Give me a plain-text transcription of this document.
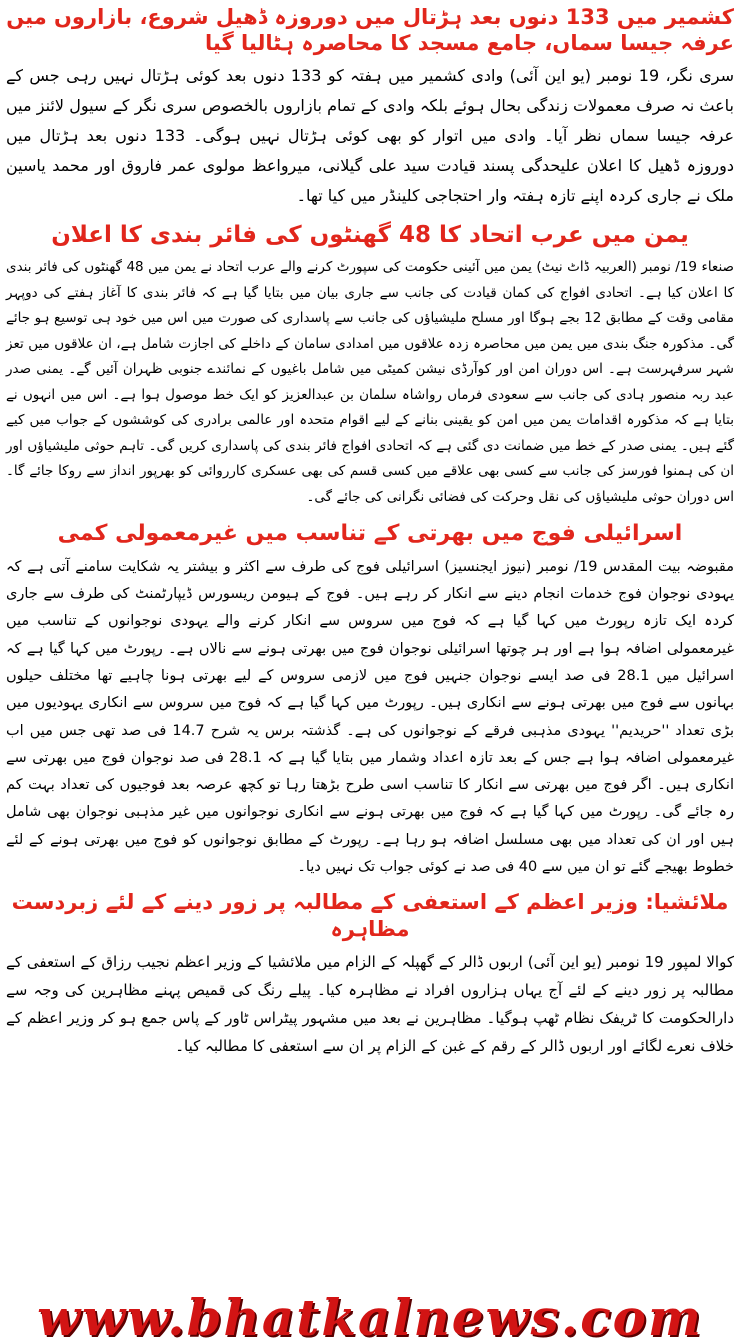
کشمیر میں 133 دنوں بعد ہڑتال میں دوروزہ ڈھیل شروع، بازاروں میں عرفہ جیسا سماں، جامع مسجد کا محاصرہ ہٹالیا گیا
سری نگر، 19 نومبر (یو این آئی) وادی کشمیر میں ہفتہ کو 133 دنوں بعد کوئی ہڑتال نہیں رہی جس کے باعث نہ صرف معمولات زندگی بحال ہوئے بلکہ وادی کے تمام بازاروں بالخصوص سری نگر کے سیول لائنز میں عرفہ جیسا سماں نظر آیا۔ وادی میں اتوار کو بھی کوئی ہڑتال نہیں ہوگی۔ 133 دنوں بعد ہڑتال میں دوروزہ ڈھیل کا اعلان علیحدگی پسند قیادت سید علی گیلانی، میرواعظ مولوی عمر فاروق اور محمد یاسین ملک نے جاری کردہ اپنے تازہ ہفتہ وار احتجاجی کلینڈر میں کیا تھا۔
یمن میں عرب اتحاد کا 48 گھنٹوں کی فائر بندی کا اعلان
صنعاء 19/ نومبر (العربیہ ڈاٹ نیٹ) یمن میں آئینی حکومت کی سپورٹ کرنے والے عرب اتحاد نے یمن میں 48 گھنٹوں کی فائر بندی کا اعلان کیا ہے۔ اتحادی افواج کی کمان قیادت کی جانب سے جاری بیان میں بتایا گیا ہے کہ فائر بندی کا آغاز ہفتے کی دوپہر مقامی وقت کے مطابق 12 بجے ہوگا اور مسلح ملیشیاؤں کی جانب سے پاسداری کی صورت میں اس میں خود ہی توسیع ہو جائے گی۔ مذکورہ جنگ بندی میں یمن میں محاصرہ زدہ علاقوں میں امدادی سامان کے داخلے کی اجازت شامل ہے، ان علاقوں میں تعز شہر سرفہرست ہے۔ اس دوران امن اور کوآرڈی نیشن کمیٹی میں شامل باغیوں کے نمائندے جنوبی ظہران آئیں گے۔ یمنی صدر عبد ربہ منصور ہادی کی جانب سے سعودی فرماں رواشاہ سلمان بن عبدالعزیز کو ایک خط موصول ہوا ہے۔ اس میں انہوں نے بتایا ہے کہ مذکورہ اقدامات یمن میں امن کو یقینی بنانے کے لیے اقوام متحدہ اور عالمی برادری کی کوششوں کے جواب میں کیے گئے ہیں۔ یمنی صدر کے خط میں ضمانت دی گئی ہے کہ اتحادی افواج فائر بندی کی پاسداری کریں گی۔ تاہم حوثی ملیشیاؤں اور ان کی ہمنوا فورسز کی جانب سے کسی بھی علاقے میں کسی قسم کی بھی عسکری کارروائی کو بھرپور انداز سے روکا جائے گا۔ اس دوران حوثی ملیشیاؤں کی نقل وحرکت کی فضائی نگرانی کی جائے گی۔
اسرائیلی فوج میں بھرتی کے تناسب میں غیرمعمولی کمی
مقبوضہ بیت المقدس 19/ نومبر (نیوز ایجنسیز) اسرائیلی فوج کی طرف سے اکثر و بیشتر یہ شکایت سامنے آتی ہے کہ یہودی نوجوان فوج خدمات انجام دینے سے انکار کر رہے ہیں۔ فوج کے ہیومن ریسورس ڈیپارٹمنٹ کی طرف سے جاری کردہ ایک تازہ رپورٹ میں کہا گیا ہے کہ فوج میں سروس سے انکار کرنے والے یہودی نوجوانوں کے تناسب میں غیرمعمولی اضافہ ہوا ہے اور ہر چوتھا اسرائیلی نوجوان فوج میں بھرتی ہونے سے نالاں ہے۔ رپورٹ میں کہا گیا ہے کہ اسرائیل میں 28.1 فی صد ایسے نوجوان جنہیں فوج میں لازمی سروس کے لیے بھرتی ہونا چاہیے تھا مختلف حیلوں بہانوں سے فوج میں بھرتی ہونے سے انکاری ہیں۔ رپورٹ میں کہا گیا ہے کہ فوج میں سروس سے انکاری یہودیوں میں بڑی تعداد ''حریدیم'' یہودی مذہبی فرقے کے نوجوانوں کی ہے۔ گذشتہ برس یہ شرح 14.7 فی صد تھی جس میں اب غیرمعمولی اضافہ ہوا ہے جس کے بعد تازہ اعداد وشمار میں بتایا گیا ہے کہ 28.1 فی صد نوجوان فوج میں بھرتی سے انکاری ہیں۔ اگر فوج میں بھرتی سے انکار کا تناسب اسی طرح بڑھتا رہا تو کچھ عرصہ بعد فوجیوں کی تعداد بہت کم رہ جائے گی۔ رپورٹ میں کہا گیا ہے کہ فوج میں بھرتی ہونے سے انکاری نوجوانوں میں غیر مذہبی نوجوان بھی شامل ہیں اور ان کی تعداد میں بھی مسلسل اضافہ ہو رہا ہے۔ رپورٹ کے مطابق نوجوانوں کو فوج میں بھرتی ہونے کے لئے خطوط بھیجے گئے تو ان میں سے 40 فی صد نے کوئی جواب تک نہیں دیا۔
ملائشیا: وزیر اعظم کے استعفی کے مطالبہ پر زور دینے کے لئے زبردست مظاہرہ
کوالا لمپور 19 نومبر (یو این آئی) اربوں ڈالر کے گھپلہ کے الزام میں ملائشیا کے وزیر اعظم نجیب رزاق کے استعفی کے مطالبہ پر زور دینے کے لئے آج یہاں ہزاروں افراد نے مظاہرہ کیا۔ پیلے رنگ کی قمیص پہنے مظاہرین کی وجہ سے دارالحکومت کا ٹریفک نظام ٹھپ ہوگیا۔ مظاہرین نے بعد میں مشہور پیٹراس ٹاور کے پاس جمع ہو کر وزیر اعظم کے خلاف نعرے لگائے اور اربوں ڈالر کے رقم کے غبن کے الزام پر ان سے استعفی کا مطالبہ کیا۔
www.bhatkalnews.com
